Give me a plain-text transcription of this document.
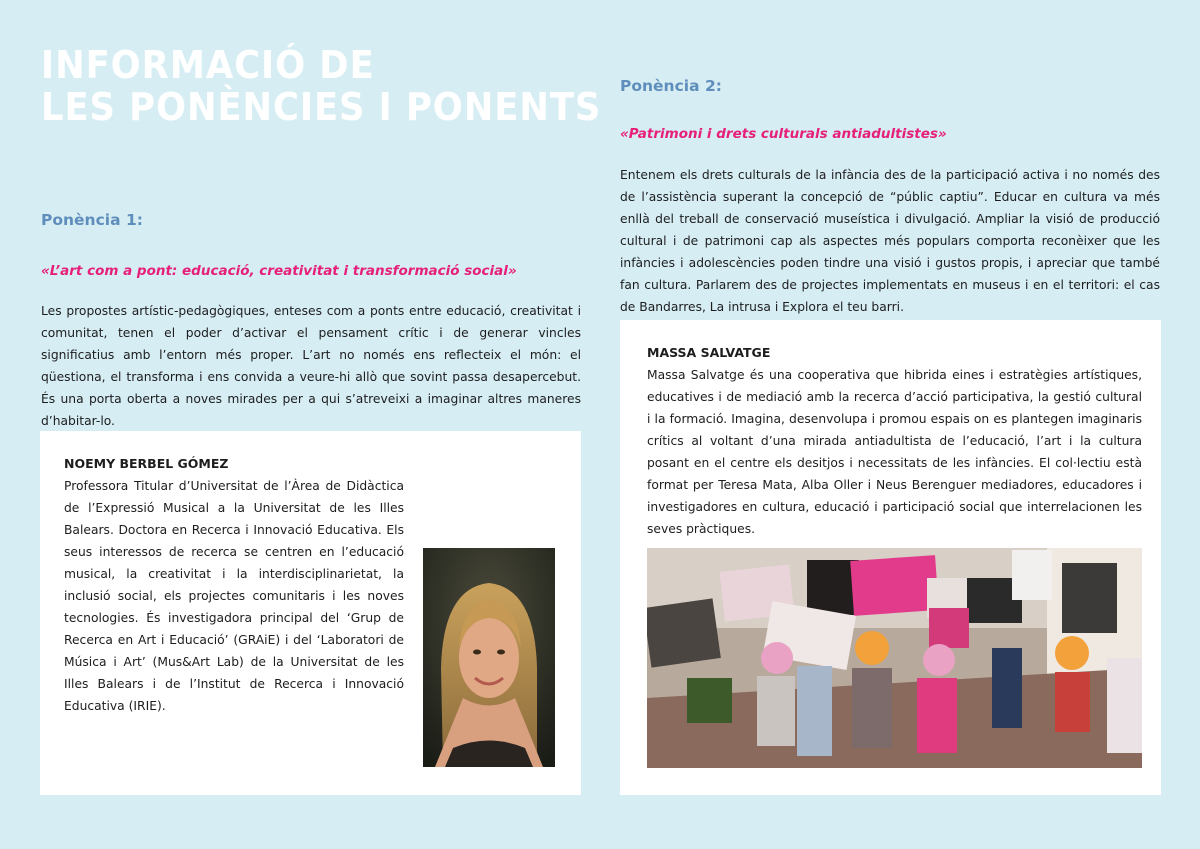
INFORMACIÓ DE
LES PONÈNCIES I PONENTS
Ponència 1:
«L’art com a pont: educació, creativitat i transformació social»
Les propostes artístic-pedagògiques, enteses com a ponts entre educació, creativitat i comunitat, tenen el poder d’activar el pensament crític i de generar vincles significatius amb l’entorn més proper. L’art no només ens reflecteix el món: el qüestiona, el transforma i ens convida a veure-hi allò que sovint passa desapercebut. És una porta oberta a noves mirades per a qui s’atreveixi a imaginar altres maneres d’habitar-lo.
NOEMY BERBEL GÓMEZ
Professora Titular d’Universitat de l’Àrea de Didàctica de l’Expressió Musical a la Universitat de les Illes Balears. Doctora en Recerca i Innovació Educativa. Els seus interessos de recerca se centren en l’educació musical, la creativitat i la interdisciplinarietat, la inclusió social, els projectes comunitaris i les noves tecnologies. És investigadora principal del ‘Grup de Recerca en Art i Educació’ (GRAiE) i del ‘Laboratori de Música i Art’ (Mus&Art Lab) de la Universitat de les Illes Balears i de l’Institut de Recerca i Innovació Educativa (IRIE).
Ponència 2:
«Patrimoni i drets culturals antiadultistes»
Entenem els drets culturals de la infància des de la participació activa i no només des de l’assistència superant la concepció de “públic captiu”. Educar en cultura va més enllà del treball de conservació museística i divulgació. Ampliar la visió de producció cultural i de patrimoni cap als aspectes més populars comporta reconèixer que les infàncies i adolescències poden tindre una visió i gustos propis, i apreciar que també fan cultura. Parlarem des de projectes implementats en museus i en el territori: el cas de Bandarres, La intrusa i Explora el teu barri.
MASSA SALVATGE
Massa Salvatge és una cooperativa que hibrida eines i estratègies artístiques, educatives i de mediació amb la recerca d’acció participativa, la gestió cultural i la formació. Imagina, desenvolupa i promou espais on es plantegen imaginaris crítics al voltant d’una mirada antiadultista de l’educació, l’art i la cultura posant en el centre els desitjos i necessitats de les infàncies. El col·lectiu està format per Teresa Mata, Alba Oller i Neus Berenguer mediadores, educadores i investigadores en cultura, educació i participació social que interrelacionen les seves pràctiques.
